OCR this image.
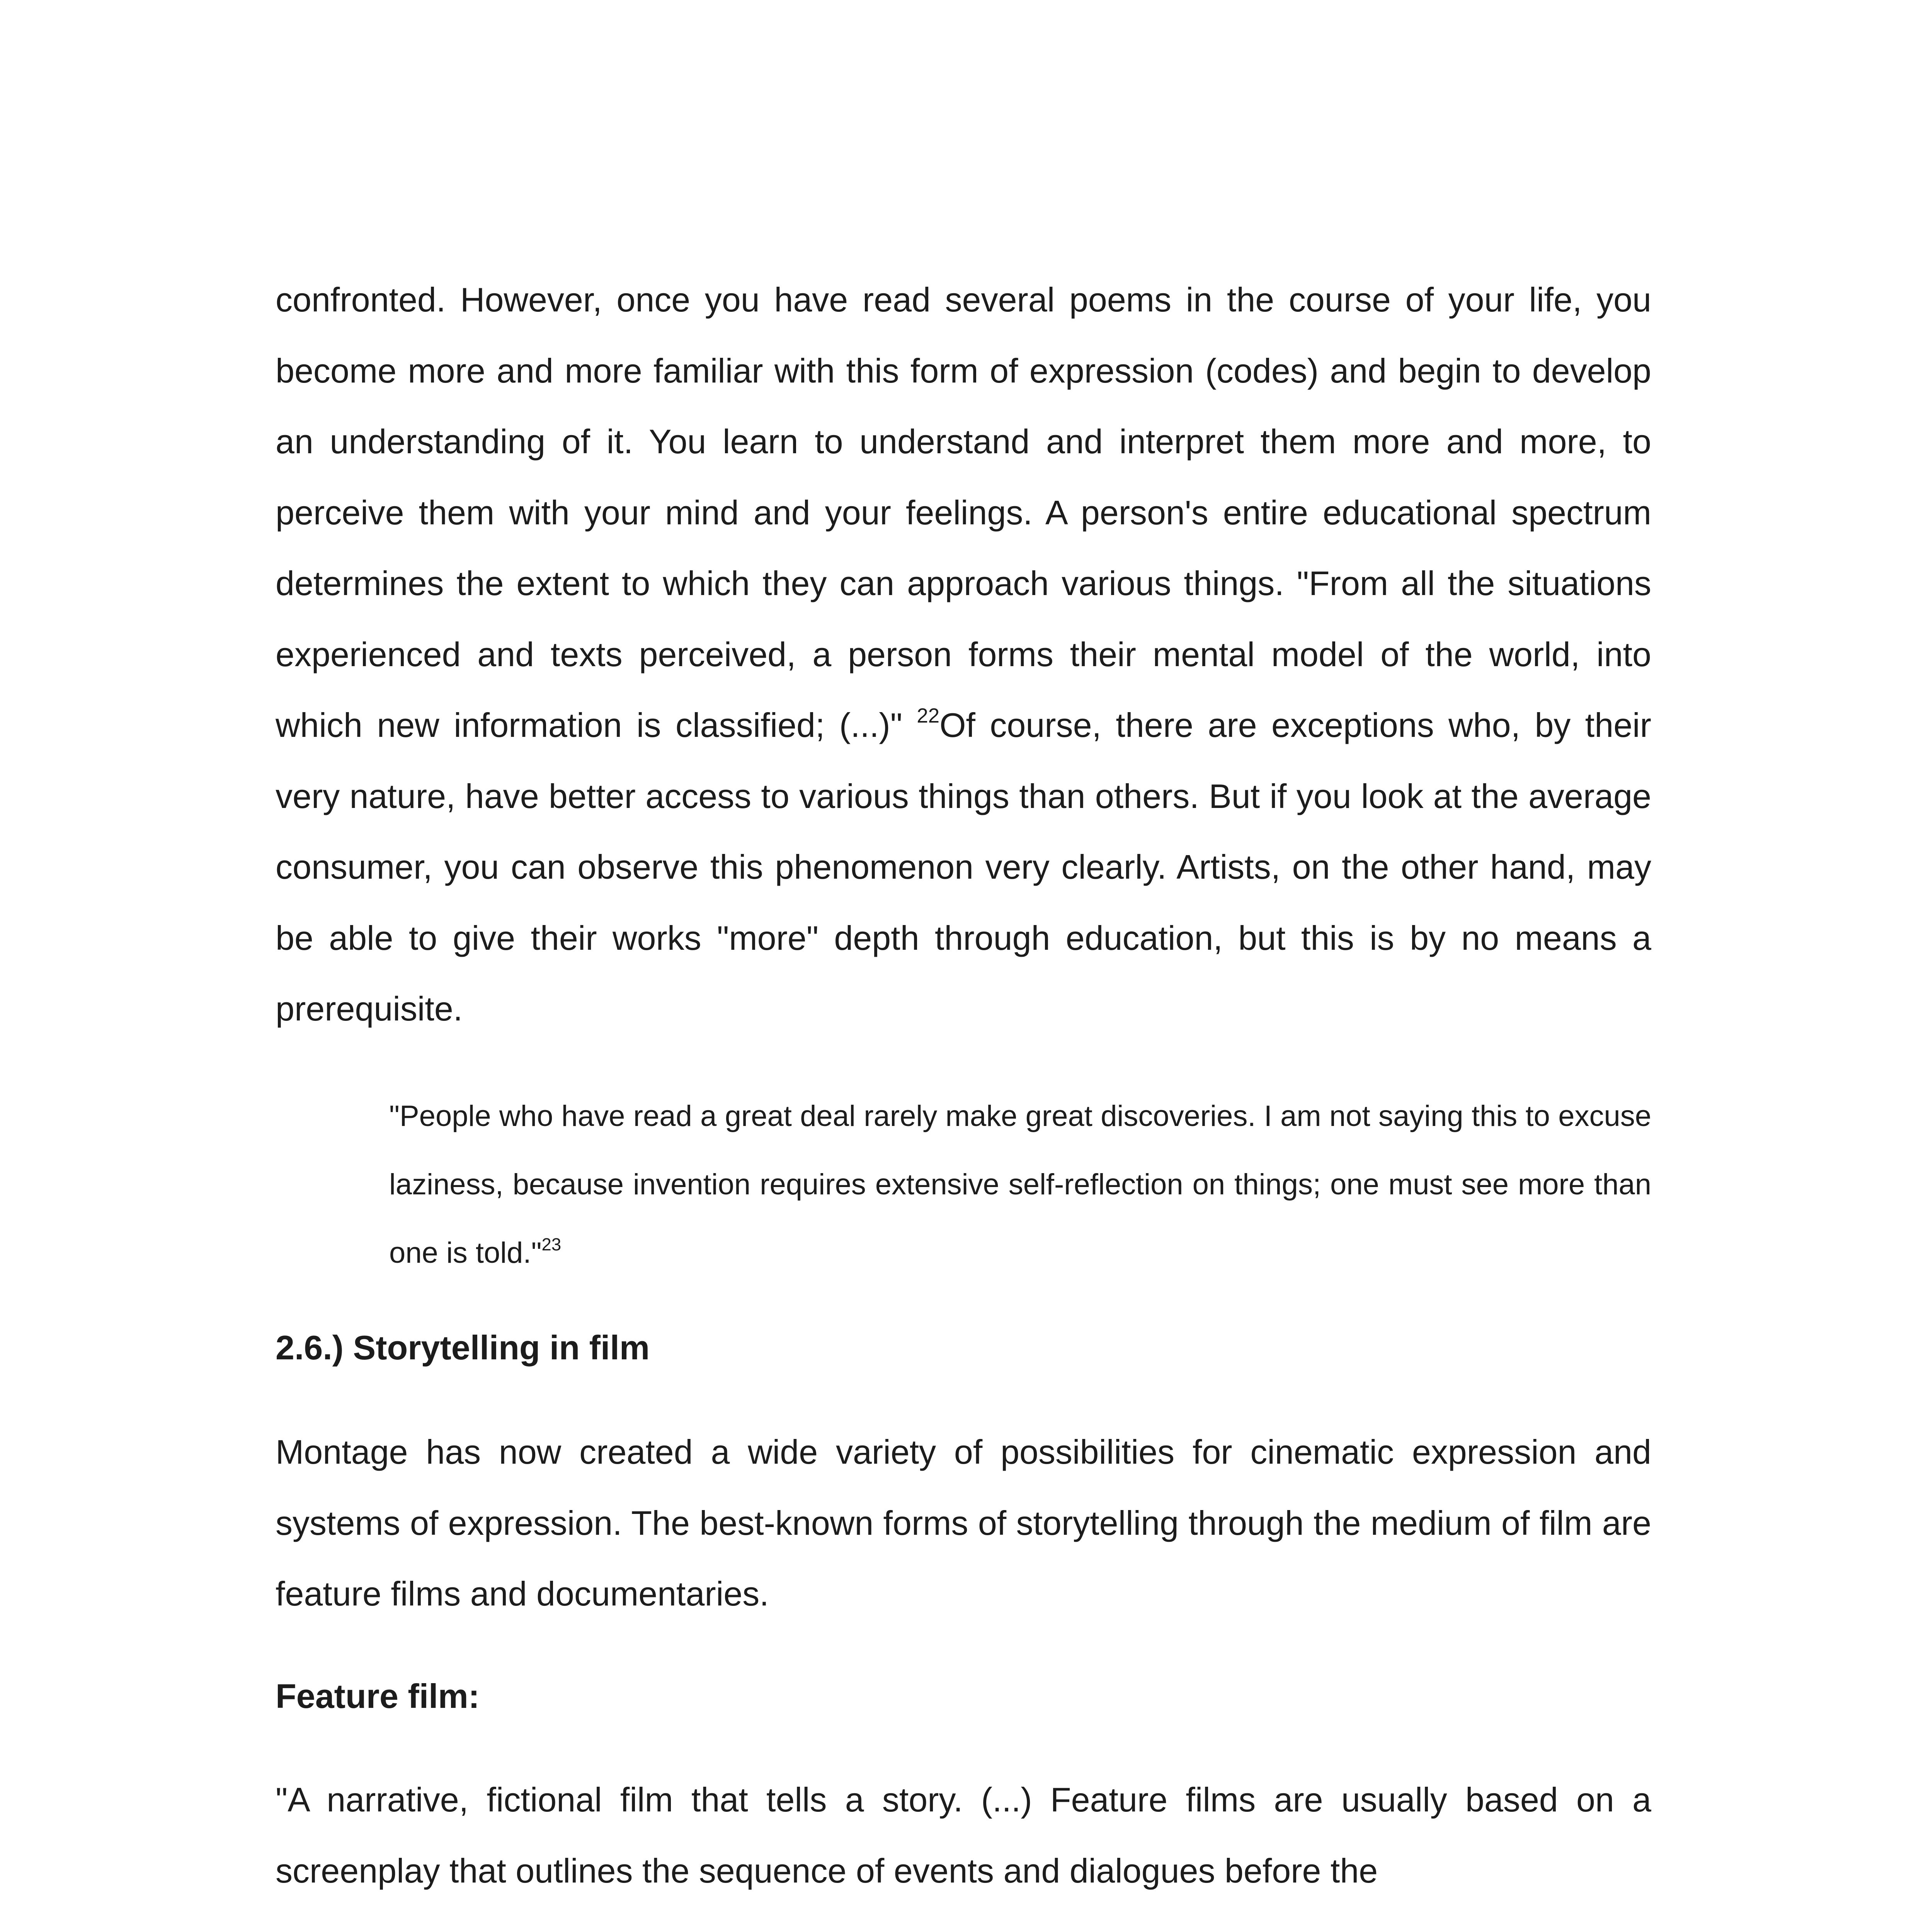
confronted. However, once you have read several poems in the course of your life, you become more and more familiar with this form of expression (codes) and begin to develop an understanding of it. You learn to understand and interpret them more and more, to perceive them with your mind and your feelings. A person's entire educational spectrum determines the extent to which they can approach various things. "From all the situations experienced and texts perceived, a person forms their mental model of the world, into which new information is classified; (...)" $^{22}$Of course, there are exceptions who, by their very nature, have better access to various things than others. But if you look at the average consumer, you can observe this phenomenon very clearly. Artists, on the other hand, may be able to give their works "more" depth through education, but this is by no means a prerequisite.

"People who have read a great deal rarely make great discoveries. I am not saying this to excuse laziness, because invention requires extensive self-reflection on things; one must see more than one is told."$^{23}$

2.6.) Storytelling in film

Montage has now created a wide variety of possibilities for cinematic expression and systems of expression. The best-known forms of storytelling through the medium of film are feature films and documentaries.

Feature film:

"A narrative, fictional film that tells a story. (...) Feature films are usually based on a screenplay that outlines the sequence of events and dialogues before the
